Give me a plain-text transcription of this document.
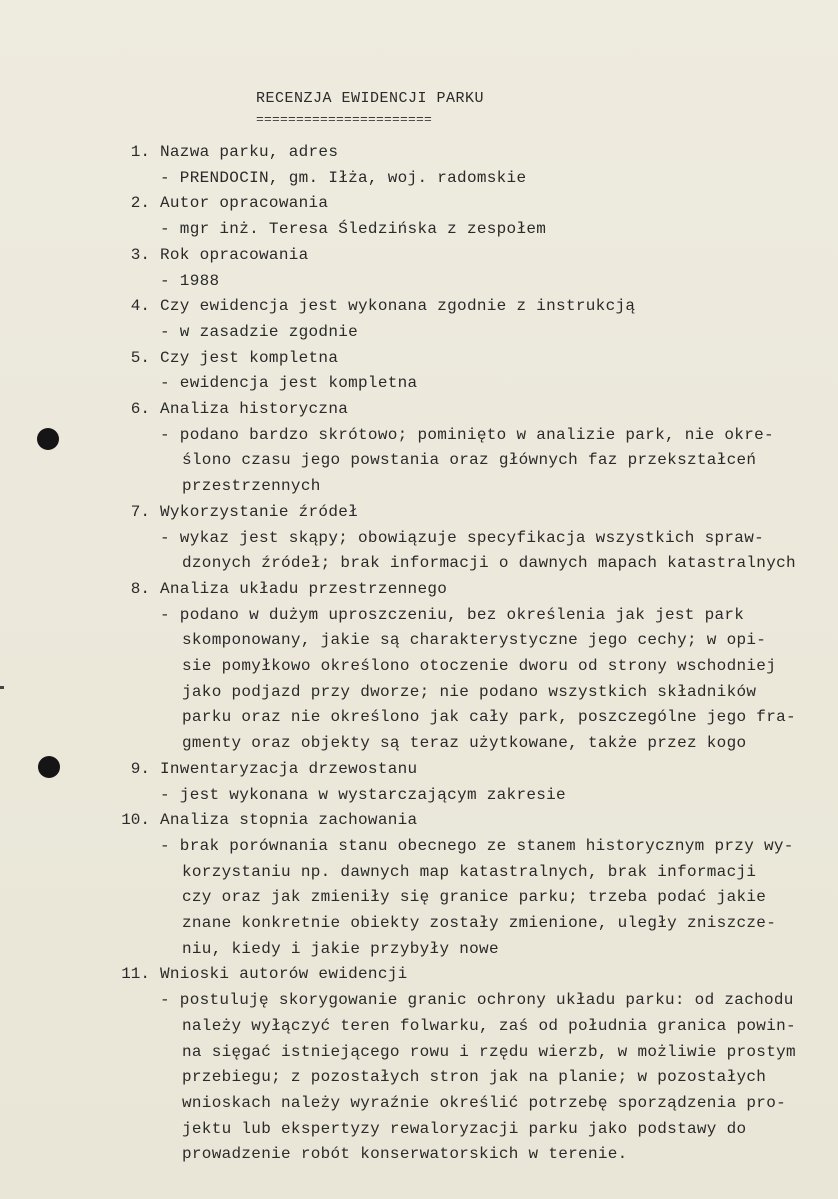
RECENZJA EWIDENCJI PARKU
======================
1. Nazwa parku, adres
- PRENDOCIN, gm. Iłża, woj. radomskie
2. Autor opracowania
- mgr inż. Teresa Śledzińska z zespołem
3. Rok opracowania
- 1988
4. Czy ewidencja jest wykonana zgodnie z instrukcją
- w zasadzie zgodnie
5. Czy jest kompletna
- ewidencja jest kompletna
6. Analiza historyczna
- podano bardzo skrótowo; pominięto w analizie park, nie okre-
ślono czasu jego powstania oraz głównych faz przekształceń
przestrzennych
7. Wykorzystanie źródeł
- wykaz jest skąpy; obowiązuje specyfikacja wszystkich spraw-
dzonych źródeł; brak informacji o dawnych mapach katastralnych
8. Analiza układu przestrzennego
- podano w dużym uproszczeniu, bez określenia jak jest park
skomponowany, jakie są charakterystyczne jego cechy; w opi-
sie pomyłkowo określono otoczenie dworu od strony wschodniej
jako podjazd przy dworze; nie podano wszystkich składników
parku oraz nie określono jak cały park, poszczególne jego fra-
gmenty oraz objekty są teraz użytkowane, także przez kogo
9. Inwentaryzacja drzewostanu
- jest wykonana w wystarczającym zakresie
10. Analiza stopnia zachowania
- brak porównania stanu obecnego ze stanem historycznym przy wy-
korzystaniu np. dawnych map katastralnych, brak informacji
czy oraz jak zmieniły się granice parku; trzeba podać jakie
znane konkretnie obiekty zostały zmienione, uległy zniszcze-
niu, kiedy i jakie przybyły nowe
11. Wnioski autorów ewidencji
- postuluję skorygowanie granic ochrony układu parku: od zachodu
należy wyłączyć teren folwarku, zaś od południa granica powin-
na sięgać istniejącego rowu i rzędu wierzb, w możliwie prostym
przebiegu; z pozostałych stron jak na planie; w pozostałych
wnioskach należy wyraźnie określić potrzebę sporządzenia pro-
jektu lub ekspertyzy rewaloryzacji parku jako podstawy do
prowadzenie robót konserwatorskich w terenie.
